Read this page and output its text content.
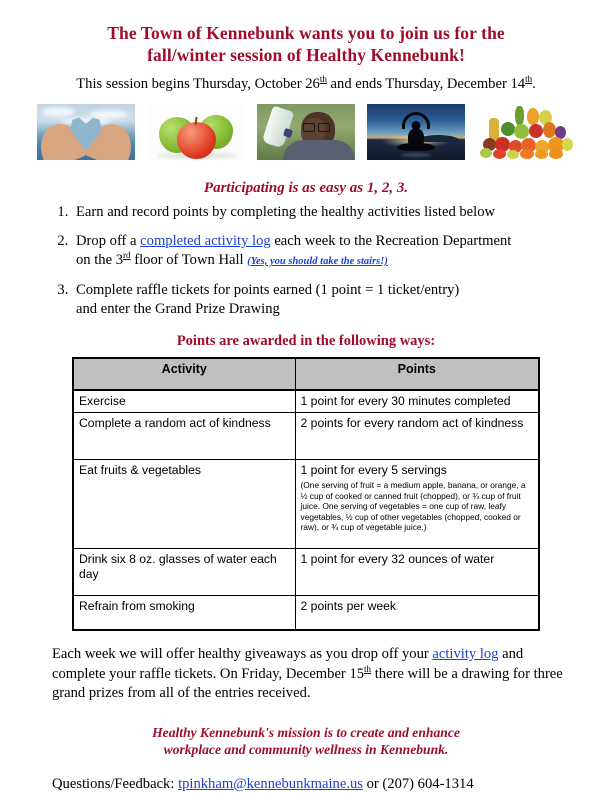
The Town of Kennebunk wants you to join us for the
fall/winter session of Healthy Kennebunk!

This session begins Thursday, October 26th and ends Thursday, December 14th.

Participating is as easy as 1, 2, 3.

1. Earn and record points by completing the healthy activities listed below
2. Drop off a completed activity log each week to the Recreation Department
on the 3rd floor of Town Hall (Yes, you should take the stairs!)
3. Complete raffle tickets for points earned (1 point = 1 ticket/entry)
and enter the Grand Prize Drawing

Points are awarded in the following ways:

Activity	Points
Exercise	1 point for every 30 minutes completed
Complete a random act of kindness	2 points for every random act of kindness
Eat fruits & vegetables	1 point for every 5 servings
(One serving of fruit = a medium apple, banana, or orange, a ½ cup of cooked or canned fruit (chopped), or ¾ cup of fruit juice. One serving of vegetables = one cup of raw, leafy vegetables, ½ cup of other vegetables (chopped, cooked or raw), or ¾ cup of vegetable juice.)

Drink six 8 oz. glasses of water each day	1 point for every 32 ounces of water
Refrain from smoking	2 points per week

Each week we will offer healthy giveaways as you drop off your activity log and complete your raffle tickets. On Friday, December 15th there will be a drawing for three grand prizes from all of the entries received.

Healthy Kennebunk's mission is to create and enhance
workplace and community wellness in Kennebunk.

Questions/Feedback: tpinkham@kennebunkmaine.us or (207) 604-1314
